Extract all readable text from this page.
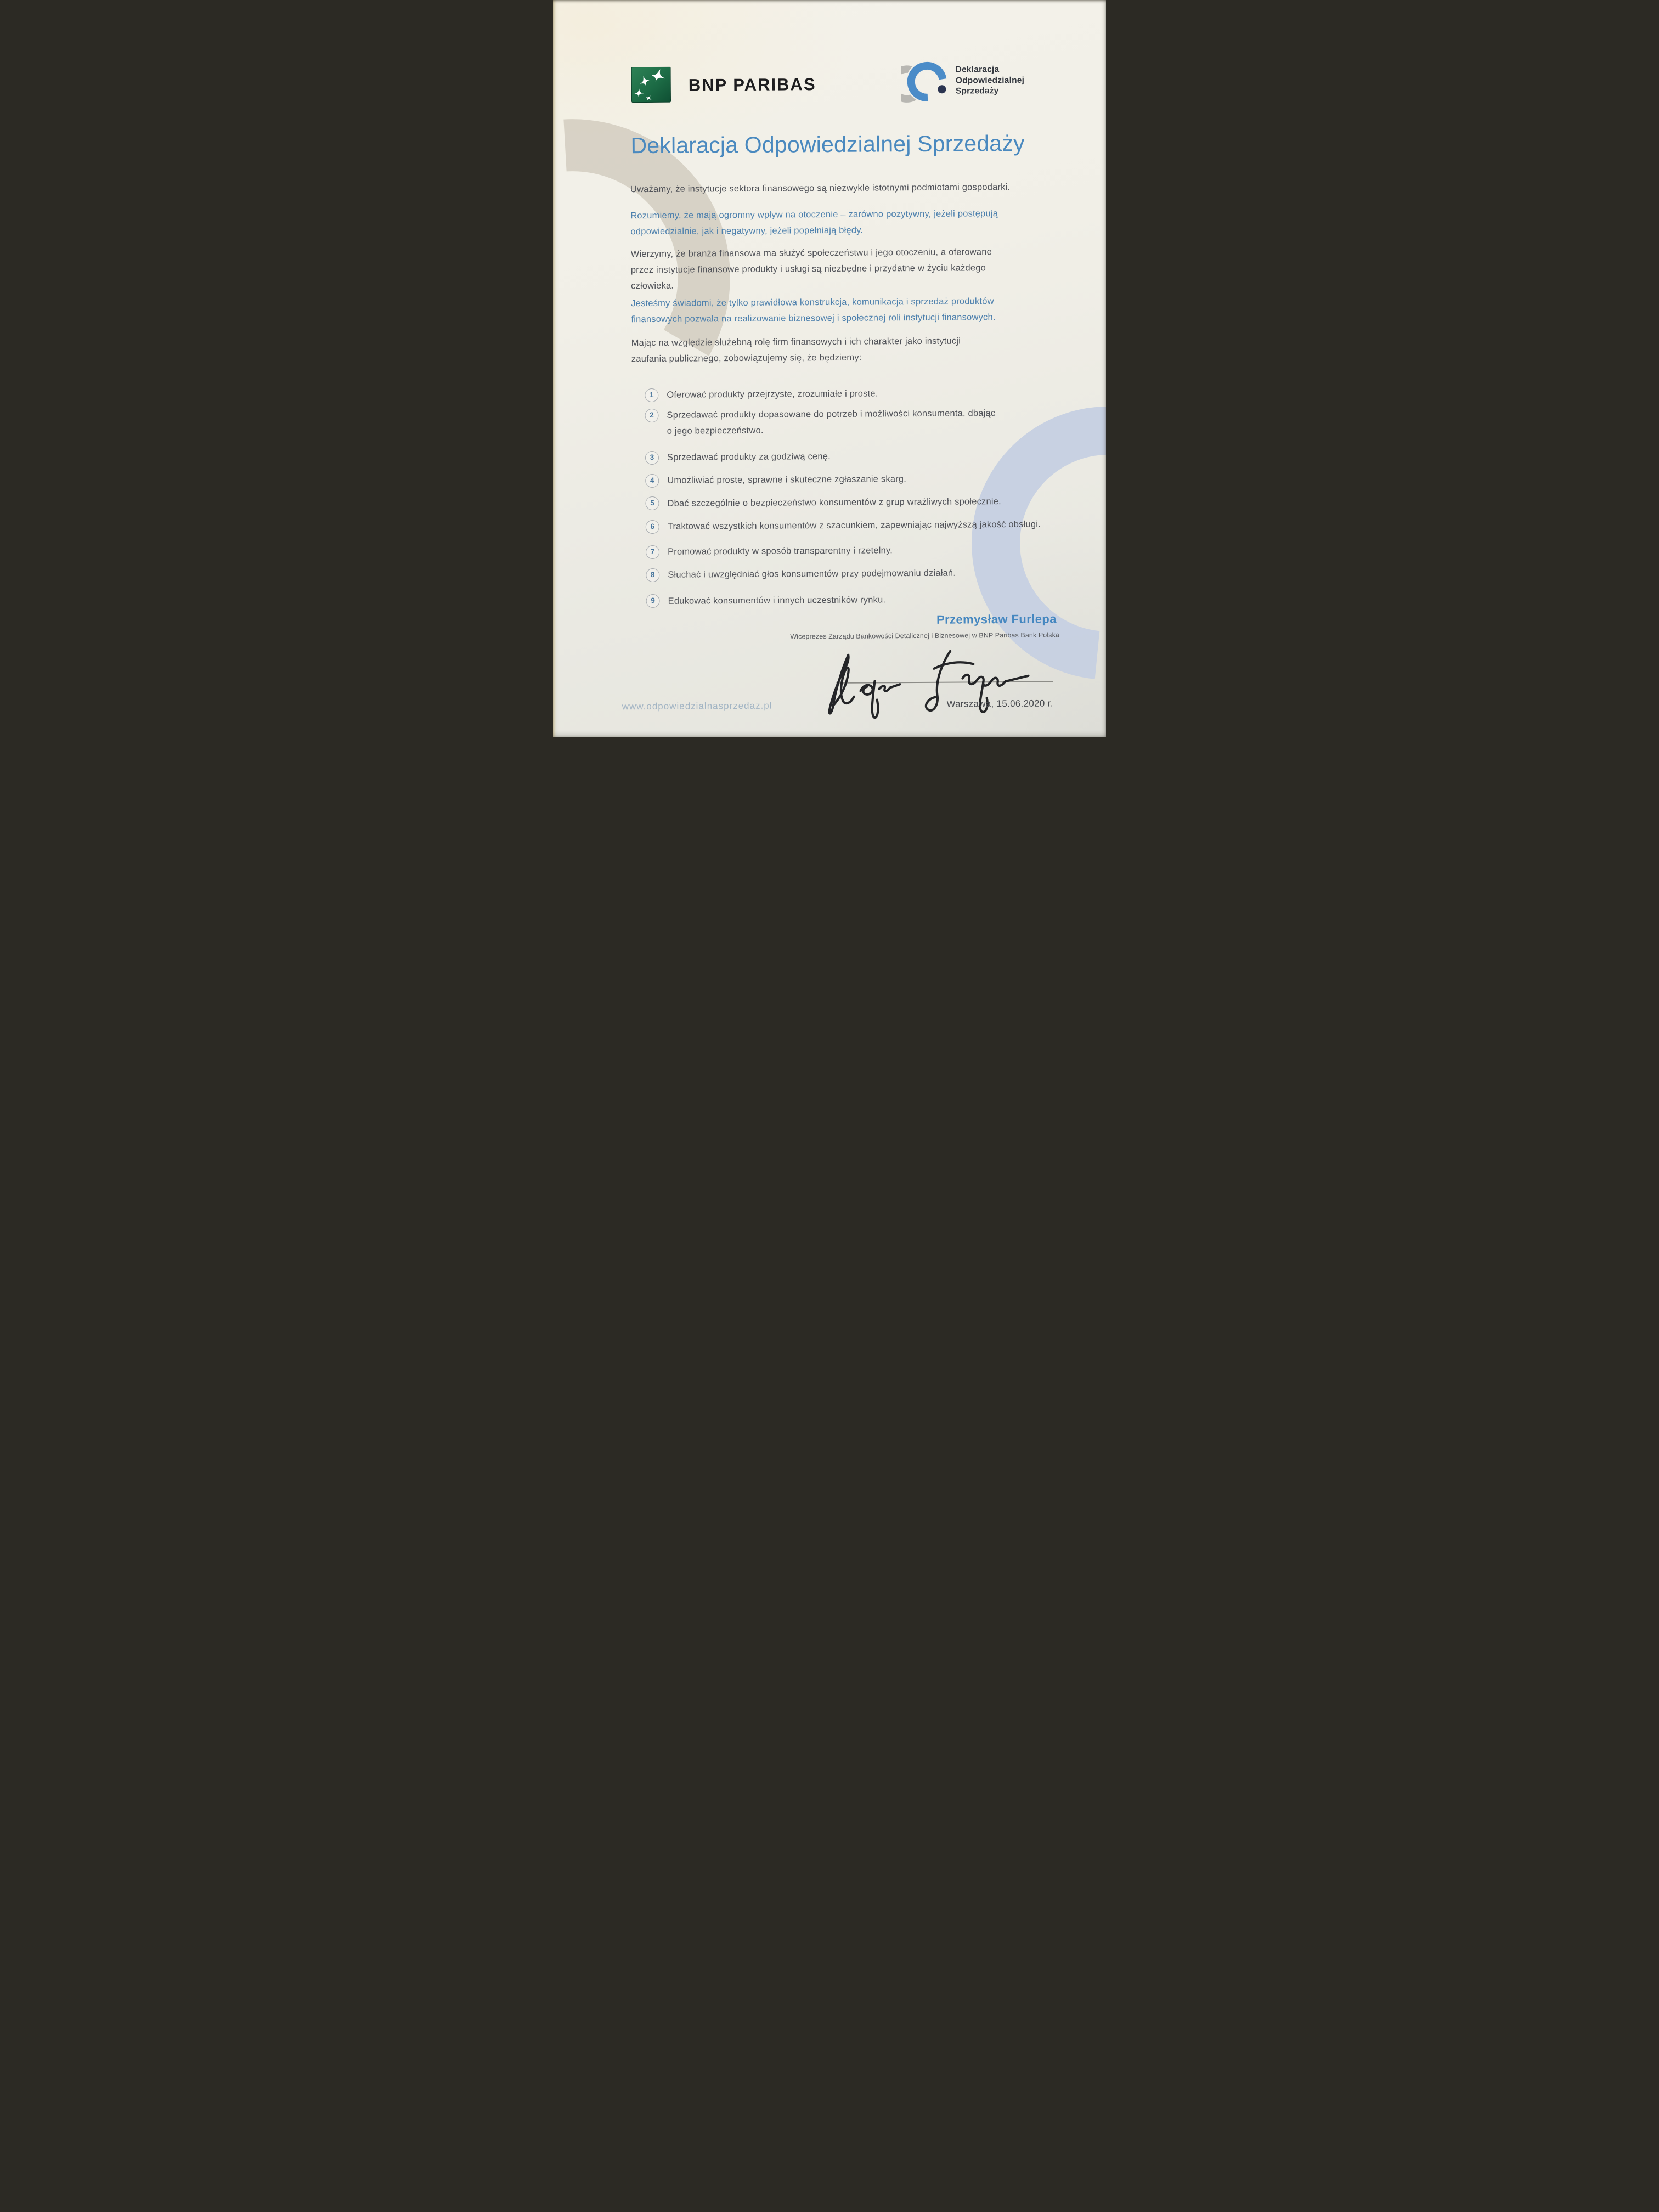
BNP PARIBAS
Deklaracja
Odpowiedzialnej
Sprzedaży
Deklaracja Odpowiedzialnej Sprzedaży
Uważamy, że instytucje sektora finansowego są niezwykle istotnymi podmiotami gospodarki.
Rozumiemy, że mają ogromny wpływ na otoczenie – zarówno pozytywny, jeżeli postępują
odpowiedzialnie, jak i negatywny, jeżeli popełniają błędy.
Wierzymy, że branża finansowa ma służyć społeczeństwu i jego otoczeniu, a oferowane
przez instytucje finansowe produkty i usługi są niezbędne i przydatne w życiu każdego
człowieka.
Jesteśmy świadomi, że tylko prawidłowa konstrukcja, komunikacja i sprzedaż produktów
finansowych pozwala na realizowanie biznesowej i społecznej roli instytucji finansowych.
Mając na względzie służebną rolę firm finansowych i ich charakter jako instytucji
zaufania publicznego, zobowiązujemy się, że będziemy:
1	Oferować produkty przejrzyste, zrozumiałe i proste.
2	Sprzedawać produkty dopasowane do potrzeb i możliwości konsumenta, dbając
o jego bezpieczeństwo.
3	Sprzedawać produkty za godziwą cenę.
4	Umożliwiać proste, sprawne i skuteczne zgłaszanie skarg.
5	Dbać szczególnie o bezpieczeństwo konsumentów z grup wrażliwych społecznie.
6	Traktować wszystkich konsumentów z szacunkiem, zapewniając najwyższą jakość obsługi.
7	Promować produkty w sposób transparentny i rzetelny.
8	Słuchać i uwzględniać głos konsumentów przy podejmowaniu działań.
9	Edukować konsumentów i innych uczestników rynku.
Przemysław Furlepa
Wiceprezes Zarządu Bankowości Detalicznej i Biznesowej w BNP Paribas Bank Polska
www.odpowiedzialnasprzedaz.pl	Warszawa, 15.06.2020 r.
